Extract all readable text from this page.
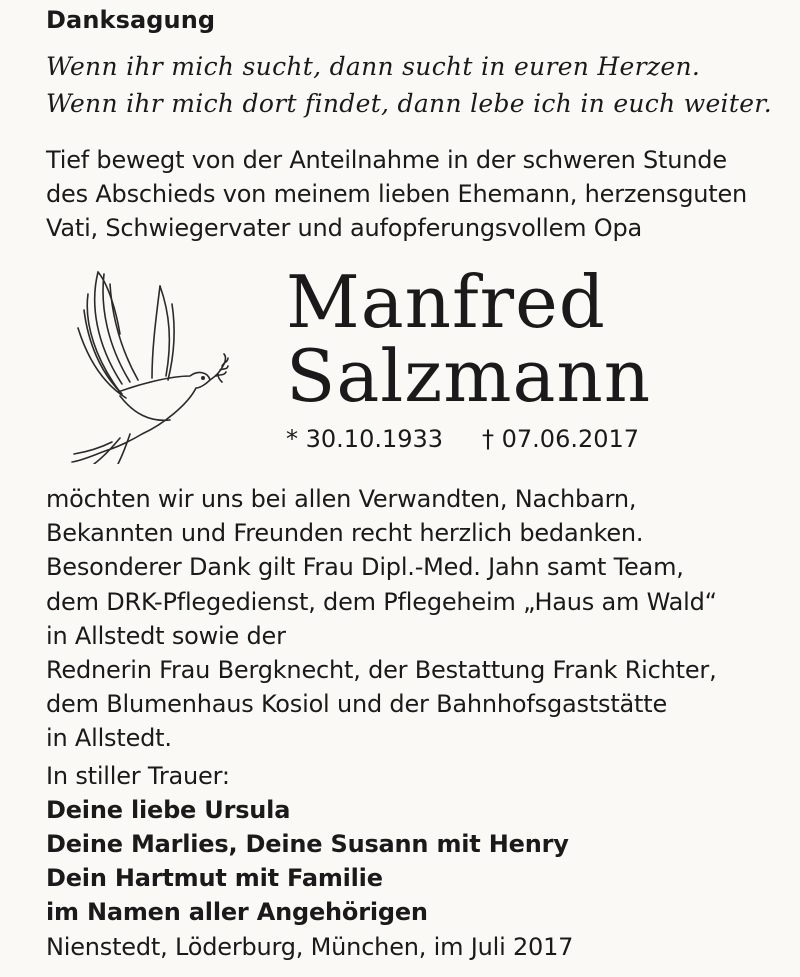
Danksagung
Wenn ihr mich sucht, dann sucht in euren Herzen.
Wenn ihr mich dort findet, dann lebe ich in euch weiter.
Tief bewegt von der Anteilnahme in der schweren Stunde
des Abschieds von meinem lieben Ehemann, herzensguten
Vati, Schwiegervater und aufopferungsvollem Opa
Manfred
Salzmann
* 30.10.1933 † 07.06.2017
möchten wir uns bei allen Verwandten, Nachbarn,
Bekannten und Freunden recht herzlich bedanken.
Besonderer Dank gilt Frau Dipl.-Med. Jahn samt Team,
dem DRK-Pflegedienst, dem Pflegeheim „Haus am Wald“
in Allstedt sowie der
Rednerin Frau Bergknecht, der Bestattung Frank Richter,
dem Blumenhaus Kosiol und der Bahnhofsgaststätte
in Allstedt.
In stiller Trauer:
Deine liebe Ursula
Deine Marlies, Deine Susann mit Henry
Dein Hartmut mit Familie
im Namen aller Angehörigen
Nienstedt, Löderburg, München, im Juli 2017
